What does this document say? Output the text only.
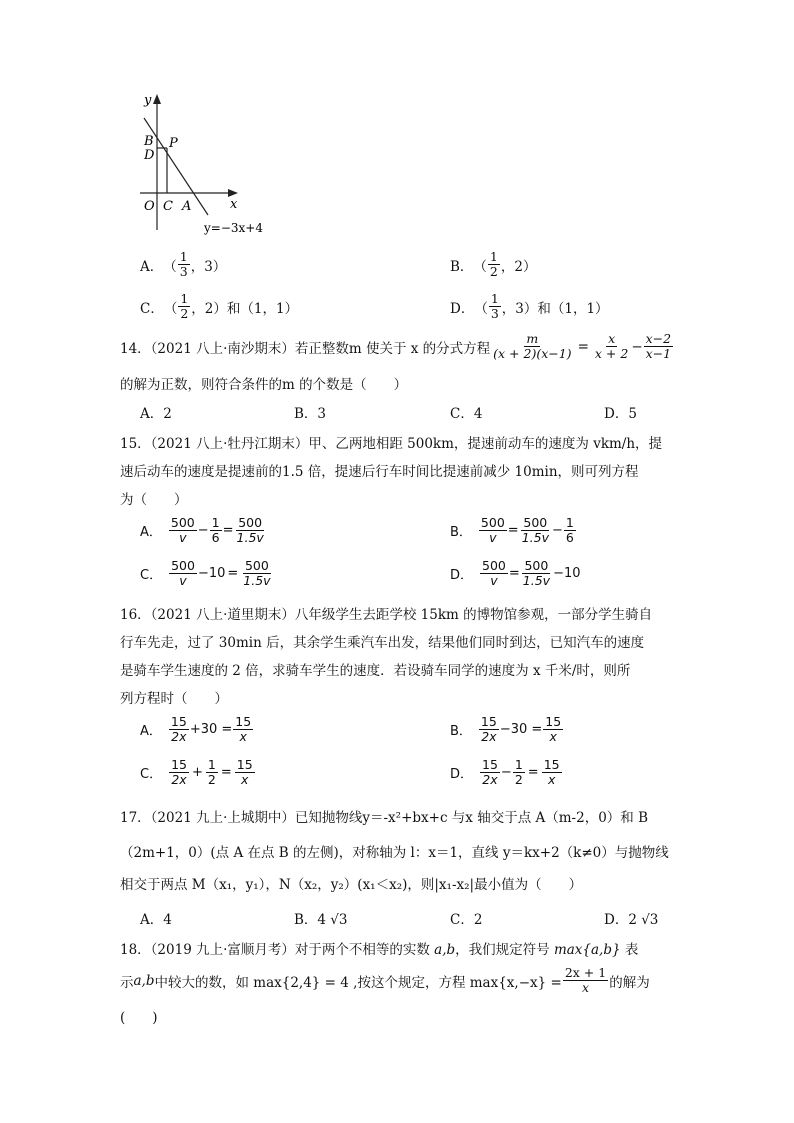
y
B P
D
O C A	x
y=−3x+4
A． （ $\frac{1}{3}$ ，3）	B． （ $\frac{1}{2}$ ，2）
C． （ $\frac{1}{2}$ ，2）和（1，1）	D． （ $\frac{1}{3}$ ，3）和（1，1）
14．（2021 八上·南沙期末）若正整数m 使关于 x 的分式方程 $\frac{m}{(x + 2)(x-1)} = \frac{x}{x + 2} - \frac{x-2}{x-1}$
的解为正数，则符合条件的m 的个数是（　　）
A．2	B．3	C．4	D．5
15．（2021 八上·牡丹江期末）甲、乙两地相距 500km，提速前动车的速度为 vkm/h，提
速后动车的速度是提速前的1.5 倍，提速后行车时间比提速前减少 10min，则可列方程
为（　　）
A． $\frac{500}{v} - \frac{1}{6} = \frac{500}{1.5v}$	B． $\frac{500}{v} = \frac{500}{1.5v} - \frac{1}{6}$
C． $\frac{500}{v} -10 = \frac{500}{1.5v}$	D． $\frac{500}{v} = \frac{500}{1.5v} -10$
16．（2021 八上·道里期末）八年级学生去距学校 15km 的博物馆参观，一部分学生骑自
行车先走，过了 30min 后，其余学生乘汽车出发，结果他们同时到达，已知汽车的速度
是骑车学生速度的 2 倍，求骑车学生的速度．若设骑车同学的速度为 x 千米/时，则所
列方程时（　　）
A． $\frac{15}{2x} +30 = \frac{15}{x}$	B． $\frac{15}{2x} -30 = \frac{15}{x}$
C． $\frac{15}{2x} + \frac{1}{2} = \frac{15}{x}$	D． $\frac{15}{2x} - \frac{1}{2} = \frac{15}{x}$
17．（2021 九上·上城期中）已知抛物线y＝-x²+bx+c 与x 轴交于点 A（m-2，0）和 B
（2m+1，0）(点 A 在点 B 的左侧)，对称轴为 l：x＝1，直线 y＝kx+2（k≠0）与抛物线
相交于两点 M（x₁，y₁），N（x₂，y₂）(x₁＜x₂)，则|x₁-x₂|最小值为（　　）
A．4	B．4 √3	C．2	D．2 √3
18．（2019 九上·富顺月考）对于两个不相等的实数 a,b，我们规定符号 max{a,b} 表
示 a,b 中较大的数，如 max{2,4} = 4 ,按这个规定，方程 $\max\{x,-x\} = \frac{2x + 1}{x}$ 的解为
(　　)
